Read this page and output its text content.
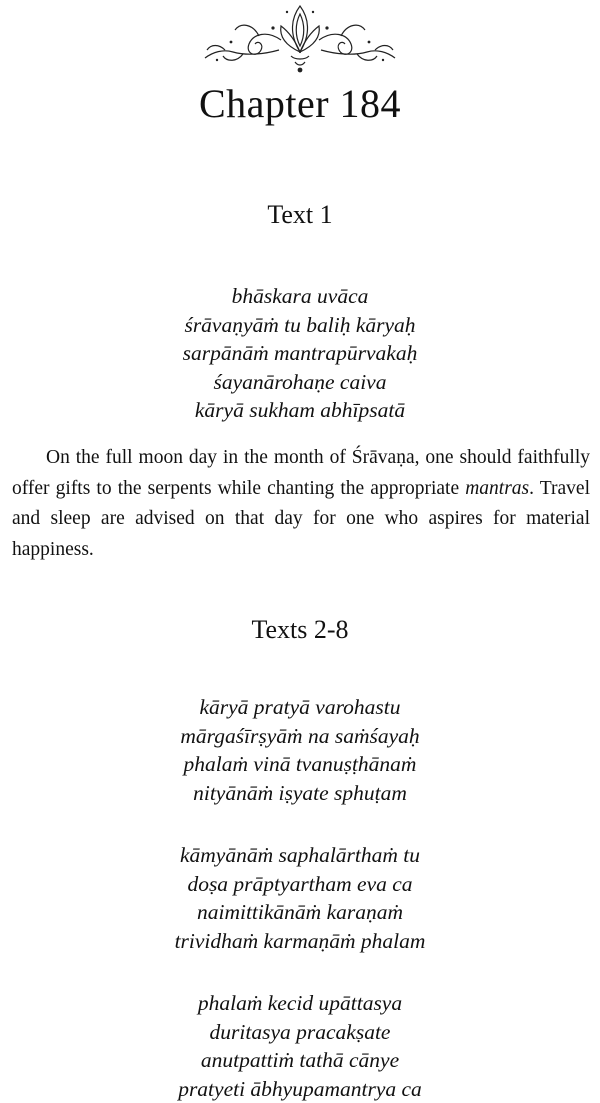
Chapter 184
Text 1
bhāskara uvāca
śrāvaṇyāṁ tu baliḥ kāryaḥ
sarpānāṁ mantrapūrvakaḥ
śayanārohaṇe caiva
kāryā sukham abhīpsatā

On the full moon day in the month of Śrāvaṇa, one should faithfully offer gifts to the serpents while chanting the appropriate mantras. Travel and sleep are advised on that day for one who aspires for material happiness.

Texts 2-8
kāryā pratyā varohastu
mārgaśīrṣyāṁ na saṁśayaḥ
phalaṁ vinā tvanuṣṭhānaṁ
nityānāṁ iṣyate sphuṭam
kāmyānāṁ saphalārthaṁ tu
doṣa prāptyartham eva ca
naimittikānāṁ karaṇaṁ
trividhaṁ karmaṇāṁ phalam
phalaṁ kecid upāttasya
duritasya pracakṣate
anutpattiṁ tathā cānye
pratyeti ābhyupamantrya ca
